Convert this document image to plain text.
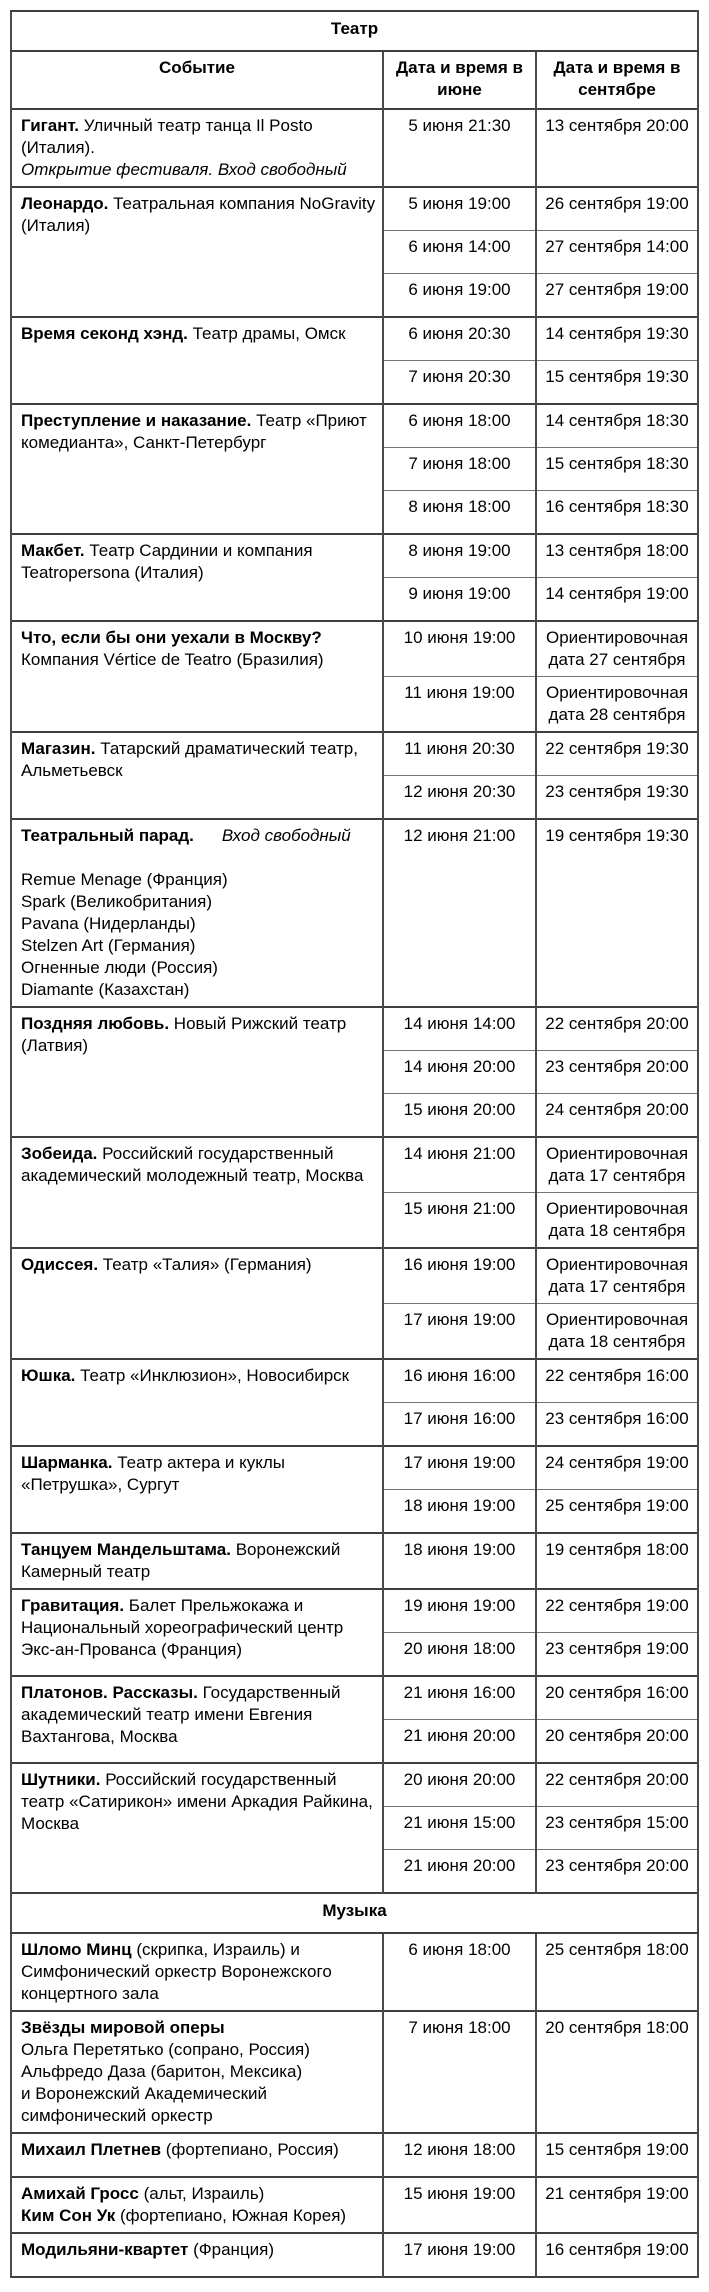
Театр		
Событие	Дата и время в июне	Дата и время в сентябре

Гигант. Уличный театр танца Il Posto (Италия).
Открытие фестиваля. Вход свободный	5 июня 21:30	13 сентября 20:00

Леонардо. Театральная компания NoGravity (Италия)	5 июня 19:00	26 сентября 19:00
	6 июня 14:00	27 сентября 14:00
	6 июня 19:00	27 сентября 19:00

Время секонд хэнд. Театр драмы, Омск	6 июня 20:30	14 сентября 19:30
	7 июня 20:30	15 сентября 19:30

Преступление и наказание. Театр «Приют комедианта», Санкт-Петербург	6 июня 18:00	14 сентября 18:30
	7 июня 18:00	15 сентября 18:30
	8 июня 18:00	16 сентября 18:30

Макбет. Театр Сардинии и компания Teatropersona (Италия)	8 июня 19:00	13 сентября 18:00
	9 июня 19:00	14 сентября 19:00

Что, если бы они уехали в Москву? Компания Vértice de Teatro (Бразилия)	10 июня 19:00	Ориентировочная дата 27 сентября
	11 июня 19:00	Ориентировочная дата 28 сентября

Магазин. Татарский драматический театр, Альметьевск	11 июня 20:30	22 сентября 19:30
	12 июня 20:30	23 сентября 19:30

Театральный парад. Вход свободный

Remue Menage (Франция)
Spark (Великобритания)
Pavana (Нидерланды)
Stelzen Art (Германия)
Огненные люди (Россия)
Diamante (Казахстан)
	12 июня 21:00	19 сентября 19:30

Поздняя любовь. Новый Рижский театр (Латвия)	14 июня 14:00	22 сентября 20:00
	14 июня 20:00	23 сентября 20:00
	15 июня 20:00	24 сентября 20:00

Зобеида. Российский государственный академический молодежный театр, Москва	14 июня 21:00	Ориентировочная дата 17 сентября
	15 июня 21:00	Ориентировочная дата 18 сентября

Одиссея. Театр «Талия» (Германия)	16 июня 19:00	Ориентировочная дата 17 сентября
	17 июня 19:00	Ориентировочная дата 18 сентября

Юшка. Театр «Инклюзион», Новосибирск	16 июня 16:00	22 сентября 16:00
	17 июня 16:00	23 сентября 16:00

Шарманка. Театр актера и куклы «Петрушка», Сургут	17 июня 19:00	24 сентября 19:00
	18 июня 19:00	25 сентября 19:00

Танцуем Мандельштама. Воронежский Камерный театр	18 июня 19:00	19 сентября 18:00

Гравитация. Балет Прельжокажа и Национальный хореографический центр Экс-ан-Прованса (Франция)	19 июня 19:00	22 сентября 19:00
	20 июня 18:00	23 сентября 19:00

Платонов. Рассказы. Государственный академический театр имени Евгения Вахтангова, Москва	21 июня 16:00	20 сентября 16:00
	21 июня 20:00	20 сентября 20:00

Шутники. Российский государственный театр «Сатирикон» имени Аркадия Райкина, Москва	20 июня 20:00	22 сентября 20:00
	21 июня 15:00	23 сентября 15:00
	21 июня 20:00	23 сентября 20:00
Музыка		

Шломо Минц (скрипка, Израиль) и Симфонический оркестр Воронежского концертного зала	6 июня 18:00	25 сентября 18:00

Звёзды мировой оперы
Ольга Перетятько (сопрано, Россия)
Альфредо Даза (баритон, Мексика)
и Воронежский Академический симфонический оркестр	7 июня 18:00	20 сентября 18:00

Михаил Плетнев (фортепиано, Россия)	12 июня 18:00	15 сентября 19:00

Амихай Гросс (альт, Израиль)
Ким Сон Ук (фортепиано, Южная Корея)	15 июня 19:00	21 сентября 19:00

Модильяни-квартет (Франция)	17 июня 19:00	16 сентября 19:00
